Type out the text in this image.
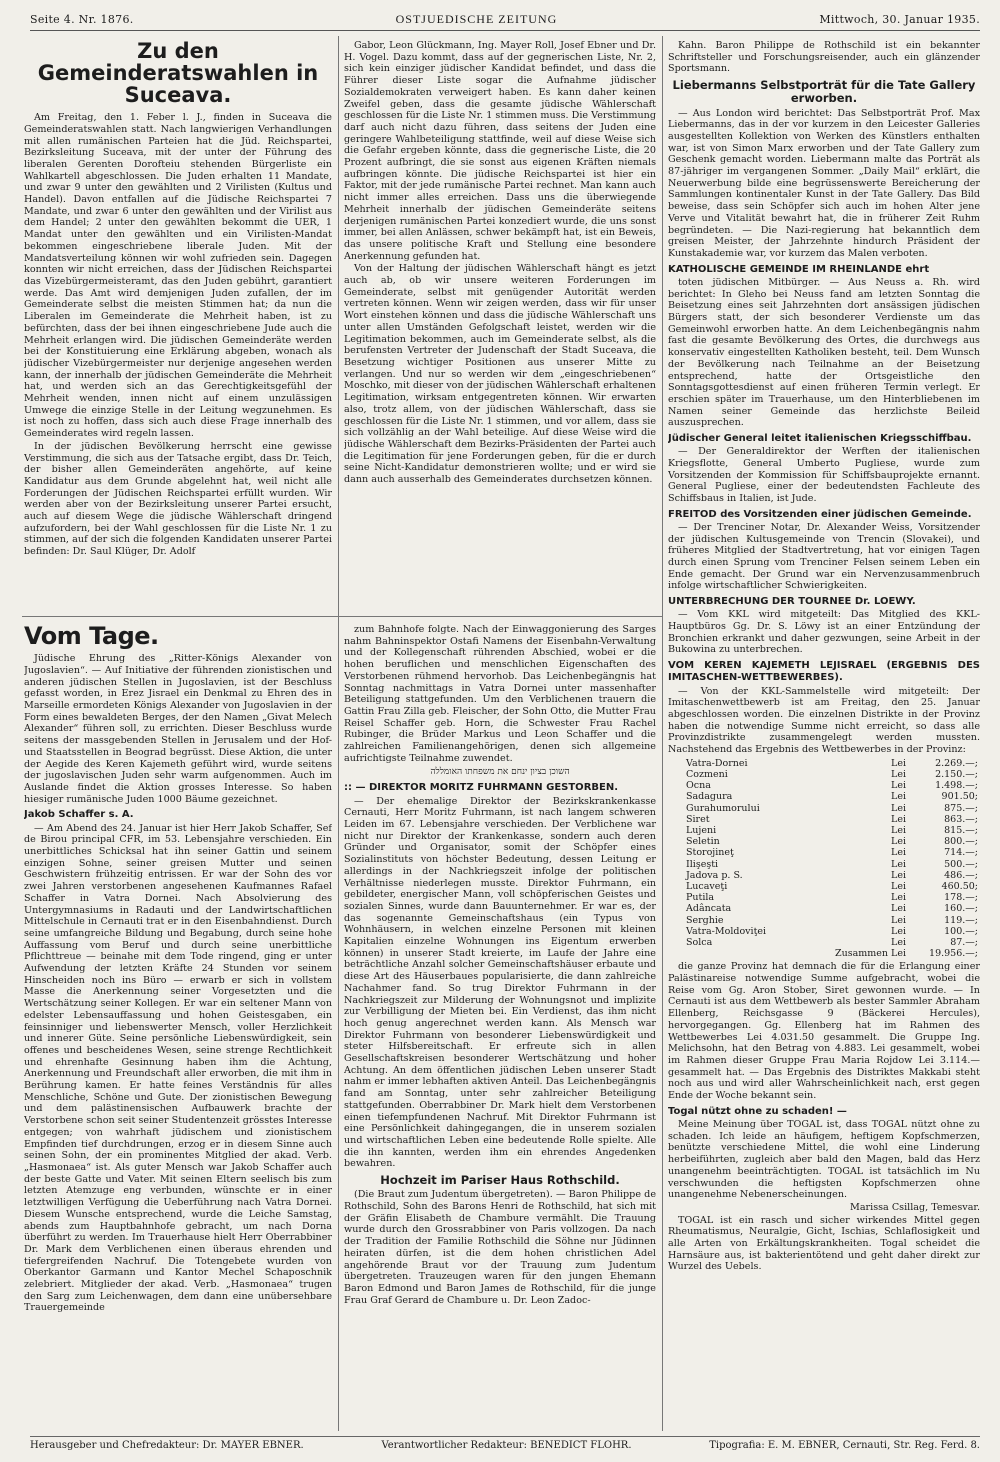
Seite 4. Nr. 1876.	OSTJUEDISCHE ZEITUNG	Mittwoch, 30. Januar 1935.
Zu den Gemeinderatswahlen in Suceava.

Am Freitag, den 1. Feber l. J., finden in Suceava die Gemeinderatswahlen statt. Nach langwierigen Verhandlungen mit allen rumänischen Parteien hat die Jüd. Reichspartei, Bezirksleitung Suceava, mit der unter der Führung des liberalen Gerenten Dorofteiu stehenden Bürgerliste ein Wahlkartell abgeschlossen. Die Juden erhalten 11 Mandate, und zwar 9 unter den gewählten und 2 Virilisten (Kultus und Handel). Davon entfallen auf die Jüdische Reichspartei 7 Mandate, und zwar 6 unter den gewählten und der Virilist aus dem Handel; 2 unter den gewählten bekommt die UER, 1 Mandat unter den gewählten und ein Virilisten-Mandat bekommen eingeschriebene liberale Juden. Mit der Mandatsverteilung können wir wohl zufrieden sein. Dagegen konnten wir nicht erreichen, dass der Jüdischen Reichspartei das Vizebürgermeisteramt, das den Juden gebührt, garantiert werde. Das Amt wird demjenigen Juden zufallen, der im Gemeinderate selbst die meisten Stimmen hat; da nun die Liberalen im Gemeinderate die Mehrheit haben, ist zu befürchten, dass der bei ihnen eingeschriebene Jude auch die Mehrheit erlangen wird. Die jüdischen Gemeinderäte werden bei der Konstituierung eine Erklärung abgeben, wonach als jüdischer Vizebürgermeister nur derjenige angesehen werden kann, der innerhalb der jüdischen Gemeinderäte die Mehrheit hat, und werden sich an das Gerechtigkeitsgefühl der Mehrheit wenden, innen nicht auf einem unzulässigen Umwege die einzige Stelle in der Leitung wegzunehmen. Es ist noch zu hoffen, dass sich auch diese Frage innerhalb des Gemeinderates wird regeln lassen.

In der jüdischen Bevölkerung herrscht eine gewisse Verstimmung, die sich aus der Tatsache ergibt, dass Dr. Teich, der bisher allen Gemeinderäten angehörte, auf keine Kandidatur aus dem Grunde abgelehnt hat, weil nicht alle Forderungen der Jüdischen Reichspartei erfüllt wurden. Wir werden aber von der Bezirksleitung unserer Partei ersucht, auch auf diesem Wege die jüdische Wählerschaft dringend aufzufordern, bei der Wahl geschlossen für die Liste Nr. 1 zu stimmen, auf der sich die folgenden Kandidaten unserer Partei befinden: Dr. Saul Klüger, Dr. Adolf

Gabor, Leon Glückmann, Ing. Mayer Roll, Josef Ebner und Dr. H. Vogel. Dazu kommt, dass auf der gegnerischen Liste, Nr. 2, sich kein einziger jüdischer Kandidat befindet, und dass die Führer dieser Liste sogar die Aufnahme jüdischer Sozialdemokraten verweigert haben. Es kann daher keinen Zweifel geben, dass die gesamte jüdische Wählerschaft geschlossen für die Liste Nr. 1 stimmen muss. Die Verstimmung darf auch nicht dazu führen, dass seitens der Juden eine geringere Wahlbeteiligung stattfinde, weil auf diese Weise sich die Gefahr ergeben könnte, dass die gegnerische Liste, die 20 Prozent aufbringt, die sie sonst aus eigenen Kräften niemals aufbringen könnte. Die jüdische Reichspartei ist hier ein Faktor, mit der jede rumänische Partei rechnet. Man kann auch nicht immer alles erreichen. Dass uns die überwiegende Mehrheit innerhalb der jüdischen Gemeinderäte seitens derjenigen rumänischen Partei konzediert wurde, die uns sonst immer, bei allen Anlässen, schwer bekämpft hat, ist ein Beweis, das unsere politische Kraft und Stellung eine besondere Anerkennung gefunden hat.

Von der Haltung der jüdischen Wählerschaft hängt es jetzt auch ab, ob wir unsere weiteren Forderungen im Gemeinderate, selbst mit genügender Autorität werden vertreten können. Wenn wir zeigen werden, dass wir für unser Wort einstehen können und dass die jüdische Wählerschaft uns unter allen Umständen Gefolgschaft leistet, werden wir die Legitimation bekommen, auch im Gemeinderate selbst, als die berufensten Vertreter der Judenschaft der Stadt Suceava, die Besetzung wichtiger Positionen aus unserer Mitte zu verlangen. Und nur so werden wir dem „eingeschriebenen“ Moschko, mit dieser von der jüdischen Wählerschaft erhaltenen Legitimation, wirksam entgegentreten können. Wir erwarten also, trotz allem, von der jüdischen Wählerschaft, dass sie geschlossen für die Liste Nr. 1 stimmen, und vor allem, dass sie sich vollzählig an der Wahl beteilige. Auf diese Weise wird die jüdische Wählerschaft dem Bezirks-Präsidenten der Partei auch die Legitimation für jene Forderungen geben, für die er durch seine Nicht-Kandidatur demonstrieren wollte; und er wird sie dann auch ausserhalb des Gemeinderates durchsetzen können.

Vom Tage.

Jüdische Ehrung des „Ritter-Königs Alexander von Jugoslavien“. — Auf Initiative der führenden zionistischen und anderen jüdischen Stellen in Jugoslavien, ist der Beschluss gefasst worden, in Erez Jisrael ein Denkmal zu Ehren des in Marseille ermordeten Königs Alexander von Jugoslavien in der Form eines bewaldeten Berges, der den Namen „Givat Melech Alexander“ führen soll, zu errichten. Dieser Beschluss wurde seitens der massgebenden Stellen in Jerusalem und der Hof- und Staatsstellen in Beograd begrüsst. Diese Aktion, die unter der Aegide des Keren Kajemeth geführt wird, wurde seitens der jugoslavischen Juden sehr warm aufgenommen. Auch im Auslande findet die Aktion grosses Interesse. So haben hiesiger rumänische Juden 1000 Bäume gezeichnet.

Jakob Schaffer s. A.

— Am Abend des 24. Januar ist hier Herr Jakob Schaffer, Sef de Birou principal CFR, im 53. Lebensjahre verschieden. Ein unerbittliches Schicksal hat ihn seiner Gattin und seinem einzigen Sohne, seiner greisen Mutter und seinen Geschwistern frühzeitig entrissen. Er war der Sohn des vor zwei Jahren verstorbenen angesehenen Kaufmannes Rafael Schaffer in Vatra Dornei. Nach Absolvierung des Untergymnasiums in Radauti und der Landwirtschaftlichen Mittelschule in Cernauti trat er in den Eisenbahndienst. Durch seine umfangreiche Bildung und Begabung, durch seine hohe Auffassung vom Beruf und durch seine unerbittliche Pflichttreue — beinahe mit dem Tode ringend, ging er unter Aufwendung der letzten Kräfte 24 Stunden vor seinem Hinscheiden noch ins Büro — erwarb er sich in vollstem Masse die Anerkennung seiner Vorgesetzten und die Wertschätzung seiner Kollegen. Er war ein seltener Mann von edelster Lebensauffassung und hohen Geistesgaben, ein feinsinniger und liebenswerter Mensch, voller Herzlichkeit und innerer Güte. Seine persönliche Liebenswürdigkeit, sein offenes und bescheidenes Wesen, seine strenge Rechtlichkeit und ehrenhafte Gesinnung haben ihm die Achtung, Anerkennung und Freundschaft aller erworben, die mit ihm in Berührung kamen. Er hatte feines Verständnis für alles Menschliche, Schöne und Gute. Der zionistischen Bewegung und dem palästinensischen Aufbauwerk brachte der Verstorbene schon seit seiner Studentenzeit grösstes Interesse entgegen; von wahrhaft jüdischem und zionistischem Empfinden tief durchdrungen, erzog er in diesem Sinne auch seinen Sohn, der ein prominentes Mitglied der akad. Verb. „Hasmonaea“ ist. Als guter Mensch war Jakob Schaffer auch der beste Gatte und Vater. Mit seinen Eltern seelisch bis zum letzten Atemzuge eng verbunden, wünschte er in einer letztwilligen Verfügung die Ueberführung nach Vatra Dornei. Diesem Wunsche entsprechend, wurde die Leiche Samstag, abends zum Hauptbahnhofe gebracht, um nach Dorna überführt zu werden. Im Trauerhause hielt Herr Oberrabbiner Dr. Mark dem Verblichenen einen überaus ehrenden und tiefergreifenden Nachruf. Die Totengebete wurden von Oberkantor Garmann und Kantor Mechel Schaposchnik zelebriert. Mitglieder der akad. Verb. „Hasmonaea“ trugen den Sarg zum Leichenwagen, dem dann eine unübersehbare Trauergemeinde

zum Bahnhofe folgte. Nach der Einwaggonierung des Sarges nahm Bahninspektor Ostafi Namens der Eisenbahn-Verwaltung und der Kollegenschaft rührenden Abschied, wobei er die hohen beruflichen und menschlichen Eigenschaften des Verstorbenen rühmend hervorhob. Das Leichenbegängnis hat Sonntag nachmittags in Vatra Dornei unter massenhafter Beteiligung stattgefunden. Um den Verblichenen trauern die Gattin Frau Zilla geb. Fleischer, der Sohn Otto, die Mutter Frau Reisel Schaffer geb. Horn, die Schwester Frau Rachel Rubinger, die Brüder Markus und Leon Schaffer und die zahlreichen Familienangehörigen, denen sich allgemeine aufrichtigste Teilnahme zuwendet.

השוכן בציון ינחם את משפחתו האומללה
:: — DIREKTOR MORITZ FUHRMANN GESTORBEN.

— Der ehemalige Direktor der Bezirkskrankenkasse Cernauti, Herr Moritz Fuhrmann, ist nach langem schweren Leiden im 67. Lebensjahre verschieden. Der Verblichene war nicht nur Direktor der Krankenkasse, sondern auch deren Gründer und Organisator, somit der Schöpfer eines Sozialinstituts von höchster Bedeutung, dessen Leitung er allerdings in der Nachkriegszeit infolge der politischen Verhältnisse niederlegen musste. Direktor Fuhrmann, ein gebildeter, energischer Mann, voll schöpferischen Geistes und sozialen Sinnes, wurde dann Bauunternehmer. Er war es, der das sogenannte Gemeinschaftshaus (ein Typus von Wohnhäusern, in welchen einzelne Personen mit kleinen Kapitalien einzelne Wohnungen ins Eigentum erwerben können) in unserer Stadt kreierte, im Laufe der Jahre eine beträchtliche Anzahl solcher Gemeinschaftshäuser erbaute und diese Art des Häuserbaues popularisierte, die dann zahlreiche Nachahmer fand. So trug Direktor Fuhrmann in der Nachkriegszeit zur Milderung der Wohnungsnot und implizite zur Verbilligung der Mieten bei. Ein Verdienst, das ihm nicht hoch genug angerechnet werden kann. Als Mensch war Direktor Fuhrmann von besonderer Liebenswürdigkeit und steter Hilfsbereitschaft. Er erfreute sich in allen Gesellschaftskreisen besonderer Wertschätzung und hoher Achtung. An dem öffentlichen jüdischen Leben unserer Stadt nahm er immer lebhaften aktiven Anteil. Das Leichenbegängnis fand am Sonntag, unter sehr zahlreicher Beteiligung stattgefunden. Oberrabbiner Dr. Mark hielt dem Verstorbenen einen tiefempfundenen Nachruf. Mit Direktor Fuhrmann ist eine Persönlichkeit dahingegangen, die in unserem sozialen und wirtschaftlichen Leben eine bedeutende Rolle spielte. Alle die ihn kannten, werden ihm ein ehrendes Angedenken bewahren.

Hochzeit im Pariser Haus Rothschild.

(Die Braut zum Judentum übergetreten). — Baron Philippe de Rothschild, Sohn des Barons Henri de Rothschild, hat sich mit der Gräfin Elisabeth de Chambure vermählt. Die Trauung wurde durch den Grossrabbiner von Paris vollzogen. Da nach der Tradition der Familie Rothschild die Söhne nur Jüdinnen heiraten dürfen, ist die dem hohen christlichen Adel angehörende Braut vor der Trauung zum Judentum übergetreten. Trauzeugen waren für den jungen Ehemann Baron Edmond und Baron James de Rothschild, für die junge Frau Graf Gerard de Chambure u. Dr. Leon Zadoc-

Kahn. Baron Philippe de Rothschild ist ein bekannter Schriftsteller und Forschungsreisender, auch ein glänzender Sportsmann.

Liebermanns Selbstporträt für die Tate Gallery erworben.

— Aus London wird berichtet: Das Selbstporträt Prof. Max Liebermanns, das in der vor kurzem in den Leicester Galleries ausgestellten Kollektion von Werken des Künstlers enthalten war, ist von Simon Marx erworben und der Tate Gallery zum Geschenk gemacht worden. Liebermann malte das Porträt als 87-jähriger im vergangenen Sommer. „Daily Mail“ erklärt, die Neuerwerbung bilde eine begrüssenswerte Bereicherung der Sammlungen kontinentaler Kunst in der Tate Gallery. Das Bild beweise, dass sein Schöpfer sich auch im hohen Alter jene Verve und Vitalität bewahrt hat, die in früherer Zeit Ruhm begründeten. — Die Nazi-regierung hat bekanntlich dem greisen Meister, der Jahrzehnte hindurch Präsident der Kunstakademie war, vor kurzem das Malen verboten.

KATHOLISCHE GEMEINDE IM RHEINLANDE ehrt

toten jüdischen Mitbürger. — Aus Neuss a. Rh. wird berichtet: In Gleho bei Neuss fand am letzten Sonntag die Beisetzung eines seit Jahrzehnten dort ansässigen jüdischen Bürgers statt, der sich besonderer Verdienste um das Gemeinwohl erworben hatte. An dem Leichenbegängnis nahm fast die gesamte Bevölkerung des Ortes, die durchwegs aus konservativ eingestellten Katholiken besteht, teil. Dem Wunsch der Bevölkerung nach Teilnahme an der Beisetzung entsprechend, hatte der Ortsgeistliche den Sonntagsgottesdienst auf einen früheren Termin verlegt. Er erschien später im Trauerhause, um den Hinterbliebenen im Namen seiner Gemeinde das herzlichste Beileid auszusprechen.

Jüdischer General leitet italienischen Kriegsschiffbau.

— Der Generaldirektor der Werften der italienischen Kriegsflotte, General Umberto Pugliese, wurde zum Vorsitzenden der Kommission für Schiffsbauprojekte ernannt. General Pugliese, einer der bedeutendsten Fachleute des Schiffsbaus in Italien, ist Jude.

FREITOD des Vorsitzenden einer jüdischen Gemeinde.

— Der Trenciner Notar, Dr. Alexander Weiss, Vorsitzender der jüdischen Kultusgemeinde von Trencin (Slovakei), und früheres Mitglied der Stadtvertretung, hat vor einigen Tagen durch einen Sprung vom Trenciner Felsen seinem Leben ein Ende gemacht. Der Grund war ein Nervenzusammenbruch infolge wirtschaftlicher Schwierigkeiten.

UNTERBRECHUNG DER TOURNEE Dr. LOEWY.

— Vom KKL wird mitgeteilt: Das Mitglied des KKL-Hauptbüros Gg. Dr. S. Löwy ist an einer Entzündung der Bronchien erkrankt und daher gezwungen, seine Arbeit in der Bukowina zu unterbrechen.

VOM KEREN KAJEMETH LEJISRAEL (ERGEBNIS DES IMITASCHEN-WETTBEWERBES).

— Von der KKL-Sammelstelle wird mitgeteilt: Der Imitaschenwettbewerb ist am Freitag, den 25. Januar abgeschlossen worden. Die einzelnen Distrikte in der Provinz haben die notwendige Summe nicht erreicht, so dass alle Provinzdistrikte zusammengelegt werden mussten. Nachstehend das Ergebnis des Wettbewerbes in der Provinz:

Vatra-Dornei	Lei	2.269.—;
Cozmeni	Lei	2.150.—;
Ocna	Lei	1.498.—;
Sadagura	Lei	901.50;
Gurahumorului	Lei	875.—;
Siret	Lei	863.—;
Lujeni	Lei	815.—;
Seletin	Lei	800.—;
Storojineţ	Lei	714.—;
Ilişeşti	Lei	500.—;
Jadova p. S.	Lei	486.—;
Lucaveţi	Lei	460.50;
Putila	Lei	178.—;
Adâncata	Lei	160.—;
Serghie	Lei	119.—;
Vatra-Moldoviţei	Lei	100.—;
Solca	Lei	87.—;
Zusammen Lei		19.956.—;

die ganze Provinz hat demnach die für die Erlangung einer Palästinareise notwendige Summe aufgebracht, wobei die Reise vom Gg. Aron Stober, Siret gewonnen wurde. — In Cernauti ist aus dem Wettbewerb als bester Sammler Abraham Ellenberg, Reichsgasse 9 (Bäckerei Hercules), hervorgegangen. Gg. Ellenberg hat im Rahmen des Wettbewerbes Lei 4.031.50 gesammelt. Die Gruppe Ing. Melichsohn, hat den Betrag von 4.883. Lei gesammelt, wobei im Rahmen dieser Gruppe Frau Maria Rojdow Lei 3.114.— gesammelt hat. — Das Ergebnis des Distriktes Makkabi steht noch aus und wird aller Wahrscheinlichkeit nach, erst gegen Ende der Woche bekannt sein.

Togal nützt ohne zu schaden! —

Meine Meinung über TOGAL ist, dass TOGAL nützt ohne zu schaden. Ich leide an häufigem, heftigem Kopfschmerzen, benützte verschiedene Mittel, die wohl eine Linderung herbeiführten, zugleich aber bald den Magen, bald das Herz unangenehm beeinträchtigten. TOGAL ist tatsächlich im Nu verschwunden die heftigsten Kopfschmerzen ohne unangenehme Nebenerscheinungen.

Marissa Csillag, Temesvar.

TOGAL ist ein rasch und sicher wirkendes Mittel gegen Rheumatismus, Neuralgie, Gicht, Ischias, Schlaflosigkeit und alle Arten von Erkältungskrankheiten. Togal scheidet die Harnsäure aus, ist bakterientötend und geht daher direkt zur Wurzel des Uebels.

Herausgeber und Chefredakteur: Dr. MAYER EBNER.	Verantwortlicher Redakteur: BENEDICT FLOHR.	Tipografia: E. M. EBNER, Cernauti, Str. Reg. Ferd. 8.
